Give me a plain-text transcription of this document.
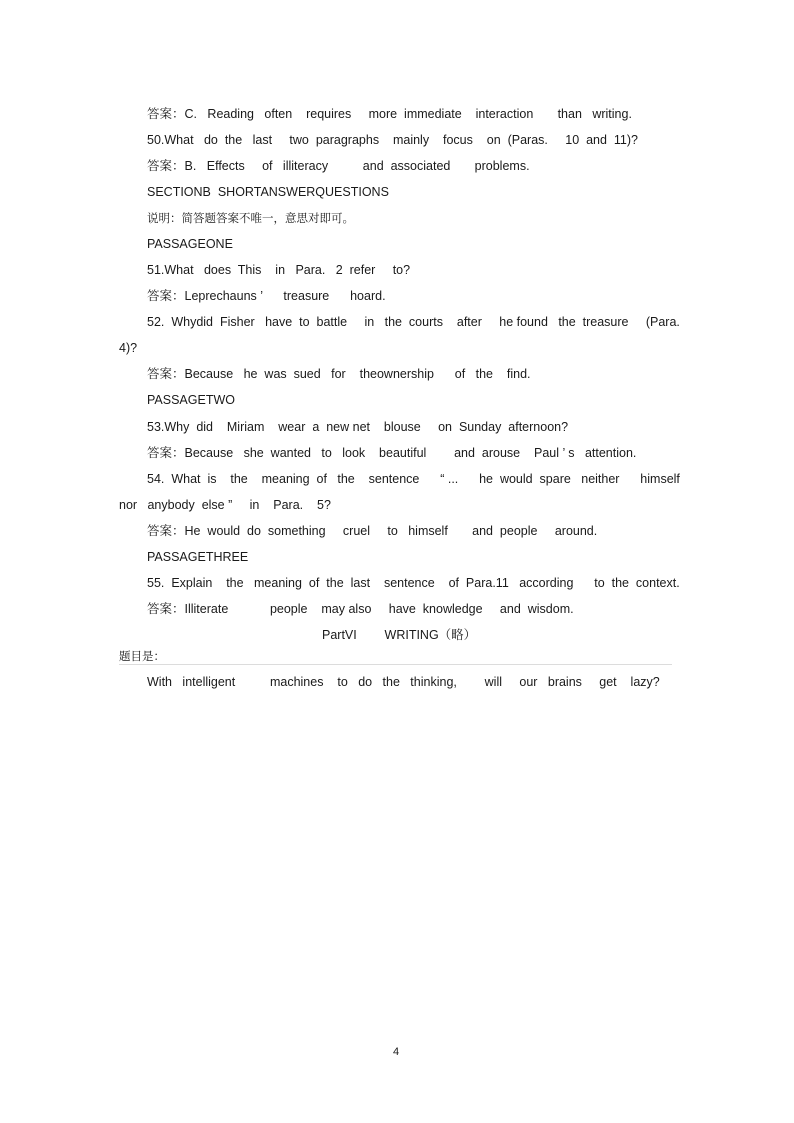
答案：C.   Reading   often    requires     more  immediate    interaction       than   writing.
50.What   do  the   last     two  paragraphs    mainly    focus    on  (Paras.     10  and  11)?
答案：B.   Effects     of   illiteracy          and  associated       problems.
SECTIONB  SHORTANSWERQUESTIONS
说明：简答题答案不唯一，意思对即可。
PASSAGEONE
51.What   does  This    in   Para.   2  refer     to?
答案：Leprechauns ’      treasure      hoard.
52.  Whydid  Fisher   have  to  battle     in   the  courts    after     he found   the  treasure     (Para.
4)?
答案：Because   he  was  sued   for    theownership      of   the    find.
PASSAGETWO
53.Why  did    Miriam    wear  a  new net    blouse     on  Sunday  afternoon?
答案：Because   she  wanted   to   look    beautiful        and  arouse    Paul ’ s   attention.
54.  What  is    the    meaning  of   the    sentence      “ ...      he  would  spare   neither      himself
nor   anybody  else ”     in    Para.    5?
答案：He  would  do  something     cruel     to   himself       and  people     around.
PASSAGETHREE
55.  Explain    the   meaning  of  the  last    sentence    of  Para.11   according      to  the  context.
答案：Illiterate            people    may also     have  knowledge     and  wisdom.
PartVI        WRITING（略）
题目是：
With   intelligent          machines    to   do   the   thinking,        will     our   brains     get    lazy?
4
